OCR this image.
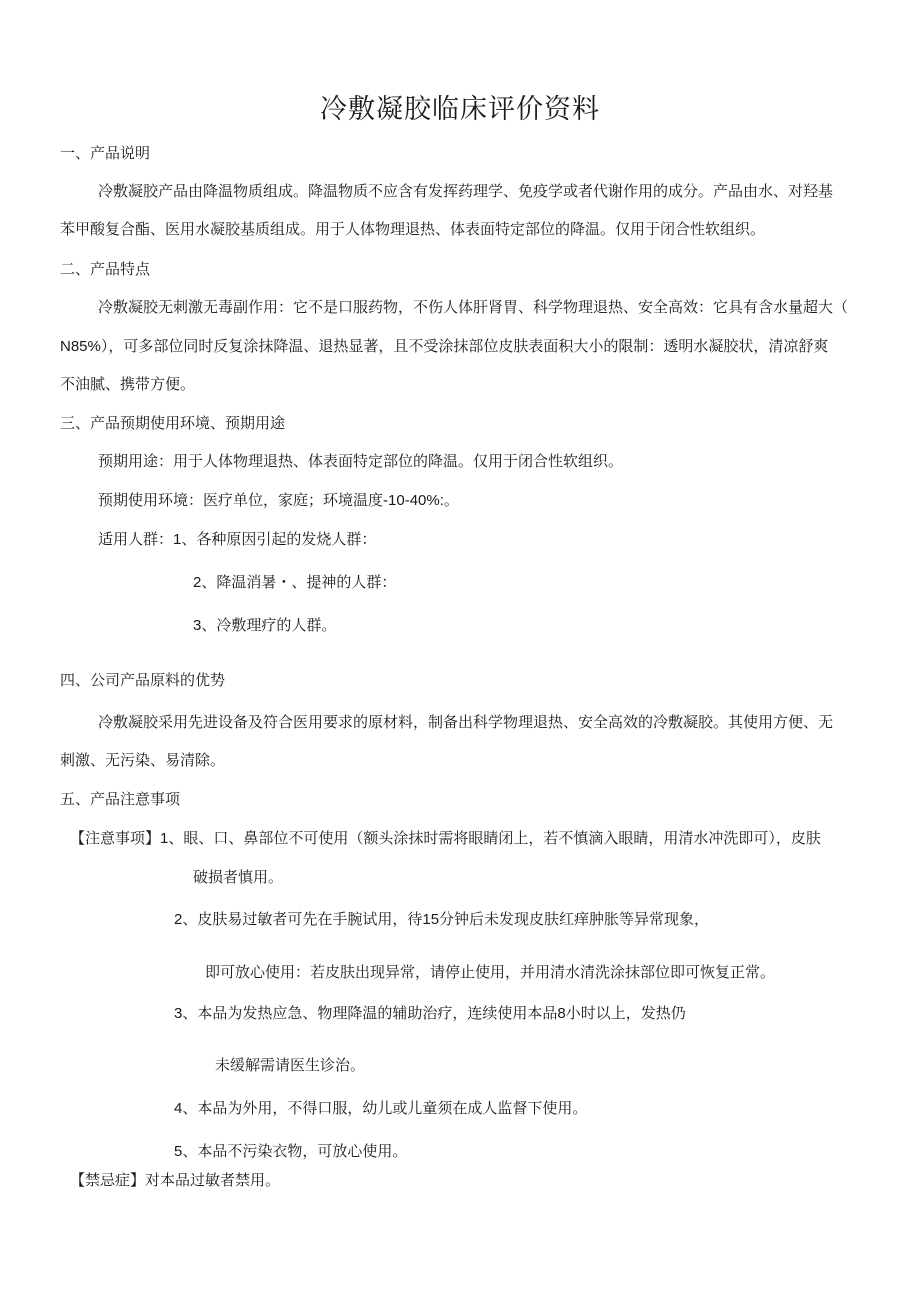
冷敷凝胶临床评价资料
一、产品说明
冷敷凝胶产品由降温物质组成。降温物质不应含有发挥药理学、免疫学或者代谢作用的成分。产品由水、对羟基
苯甲酸复合酯、医用水凝胶基质组成。用于人体物理退热、体表面特定部位的降温。仅用于闭合性软组织。
二、产品特点
冷敷凝胶无刺激无毒副作用：它不是口服药物，不伤人体肝肾胃、科学物理退热、安全高效：它具有含水量超大（
N85%），可多部位同时反复涂抹降温、退热显著，且不受涂抹部位皮肤表面积大小的限制：透明水凝胶状，清凉舒爽
不油腻、携带方便。
三、产品预期使用环境、预期用途
预期用途：用于人体物理退热、体表面特定部位的降温。仅用于闭合性软组织。
预期使用环境：医疗单位，家庭；环境温度-10-40%:。
适用人群：1、各种原因引起的发烧人群：
2、降温消暑・、提神的人群：
3、冷敷理疗的人群。
四、公司产品原料的优势
冷敷凝胶采用先进设备及符合医用要求的原材料，制备出科学物理退热、安全高效的冷敷凝胶。其使用方便、无
刺激、无污染、易清除。
五、产品注意事项
【注意事项】1、眼、口、鼻部位不可使用（额头涂抹时需将眼睛闭上，若不慎滴入眼睛，用清水冲洗即可），皮肤
破损者慎用。
2、皮肤易过敏者可先在手腕试用，待15分钟后未发现皮肤红痒肿胀等异常现象，
即可放心使用：若皮肤出现异常，请停止使用，并用清水清洗涂抹部位即可恢复正常。
3、本品为发热应急、物理降温的辅助治疗，连续使用本品8小时以上，发热仍
未缓解需请医生诊治。
4、本品为外用，不得口服，幼儿或儿童须在成人监督下使用。
5、本品不污染衣物，可放心使用。
【禁忌症】对本品过敏者禁用。
